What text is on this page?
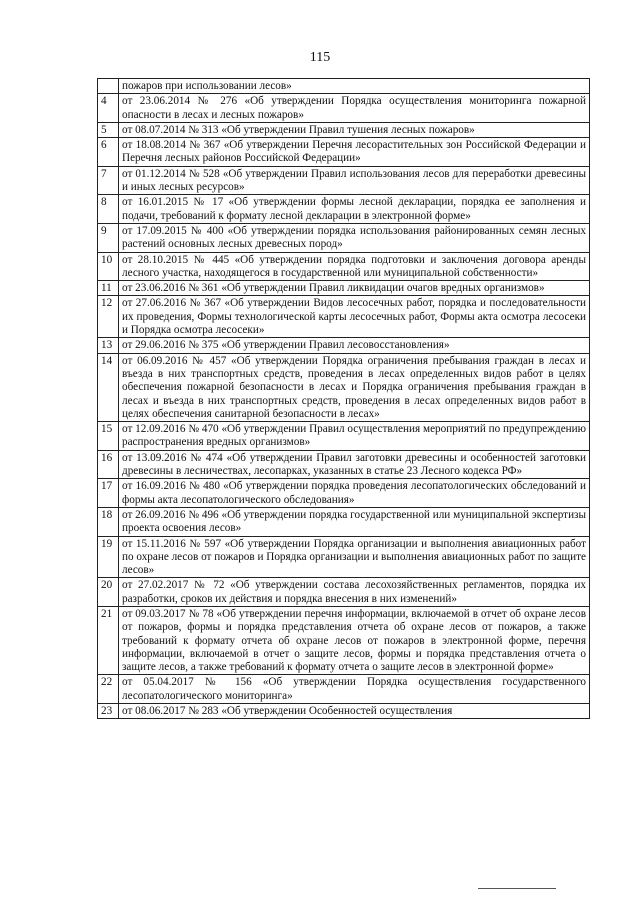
115
	пожаров при использовании лесов»
4	от 23.06.2014 № 276 «Об утверждении Порядка осуществления мониторинга пожарной опасности в лесах и лесных пожаров»
5	от 08.07.2014 № 313 «Об утверждении Правил тушения лесных пожаров»
6	от 18.08.2014 № 367 «Об утверждении Перечня лесорастительных зон Российской Федерации и Перечня лесных районов Российской Федерации»
7	от 01.12.2014 № 528 «Об утверждении Правил использования лесов для переработки древесины и иных лесных ресурсов»
8	от 16.01.2015 № 17 «Об утверждении формы лесной декларации, порядка ее заполнения и подачи, требований к формату лесной декларации в электронной форме»
9	от 17.09.2015 № 400 «Об утверждении порядка использования районированных семян лесных растений основных лесных древесных пород»
10	от 28.10.2015 № 445 «Об утверждении порядка подготовки и заключения договора аренды лесного участка, находящегося в государственной или муниципальной собственности»
11	от 23.06.2016 № 361 «Об утверждении Правил ликвидации очагов вредных организмов»
12	от 27.06.2016 № 367 «Об утверждении Видов лесосечных работ, порядка и последовательности их проведения, Формы технологической карты лесосечных работ, Формы акта осмотра лесосеки и Порядка осмотра лесосеки»
13	от 29.06.2016 № 375 «Об утверждении Правил лесовосстановления»
14	от 06.09.2016 № 457 «Об утверждении Порядка ограничения пребывания граждан в лесах и въезда в них транспортных средств, проведения в лесах определенных видов работ в целях обеспечения пожарной безопасности в лесах и Порядка ограничения пребывания граждан в лесах и въезда в них транспортных средств, проведения в лесах определенных видов работ в целях обеспечения санитарной безопасности в лесах»
15	от 12.09.2016 № 470 «Об утверждении Правил осуществления мероприятий по предупреждению распространения вредных организмов»
16	от 13.09.2016 № 474 «Об утверждении Правил заготовки древесины и особенностей заготовки древесины в лесничествах, лесопарках, указанных в статье 23 Лесного кодекса РФ»
17	от 16.09.2016 № 480 «Об утверждении порядка проведения лесопатологических обследований и формы акта лесопатологического обследования»
18	от 26.09.2016 № 496 «Об утверждении порядка государственной или муниципальной экспертизы проекта освоения лесов»
19	от 15.11.2016 № 597 «Об утверждении Порядка организации и выполнения авиационных работ по охране лесов от пожаров и Порядка организации и выполнения авиационных работ по защите лесов»
20	от 27.02.2017 № 72 «Об утверждении состава лесохозяйственных регламентов, порядка их разработки, сроков их действия и порядка внесения в них изменений»
21	от 09.03.2017 № 78 «Об утверждении перечня информации, включаемой в отчет об охране лесов от пожаров, формы и порядка представления отчета об охране лесов от пожаров, а также требований к формату отчета об охране лесов от пожаров в электронной форме, перечня информации, включаемой в отчет о защите лесов, формы и порядка представления отчета о защите лесов, а также требований к формату отчета о защите лесов в электронной форме»
22	от 05.04.2017 № 156 «Об утверждении Порядка осуществления государственного лесопатологического мониторинга»
23	от 08.06.2017 № 283 «Об утверждении Особенностей осуществления
